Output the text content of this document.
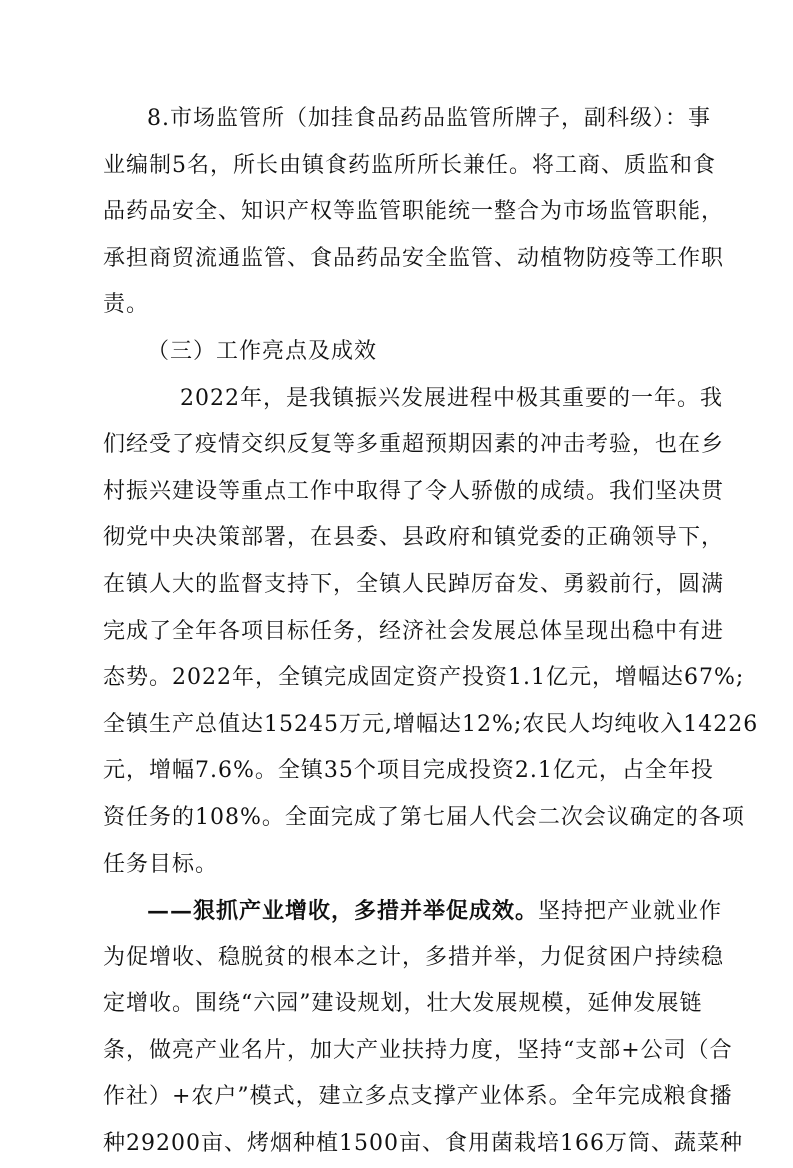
8.市场监管所（加挂食品药品监管所牌子，副科级）：事
业编制5名，所长由镇食药监所所长兼任。将工商、质监和食
品药品安全、知识产权等监管职能统一整合为市场监管职能，
承担商贸流通监管、食品药品安全监管、动植物防疫等工作职
责。
（三）工作亮点及成效
2022年，是我镇振兴发展进程中极其重要的一年。我
们经受了疫情交织反复等多重超预期因素的冲击考验，也在乡
村振兴建设等重点工作中取得了令人骄傲的成绩。我们坚决贯
彻党中央决策部署，在县委、县政府和镇党委的正确领导下，
在镇人大的监督支持下，全镇人民踔厉奋发、勇毅前行，圆满
完成了全年各项目标任务，经济社会发展总体呈现出稳中有进
态势。2022年，全镇完成固定资产投资1.1亿元，增幅达67%;
全镇生产总值达15245万元,增幅达12%;农民人均纯收入14226
元，增幅7.6%。全镇35个项目完成投资2.1亿元，占全年投
资任务的108%。全面完成了第七届人代会二次会议确定的各项
任务目标。
——狠抓产业增收，多措并举促成效。坚持把产业就业作
为促增收、稳脱贫的根本之计，多措并举，力促贫困户持续稳
定增收。围绕“六园”建设规划，壮大发展规模，延伸发展链
条，做亮产业名片，加大产业扶持力度，坚持“支部+公司（合
作社）+农户”模式，建立多点支撑产业体系。全年完成粮食播
种29200亩、烤烟种植1500亩、食用菌栽培166万筒、蔬菜种
